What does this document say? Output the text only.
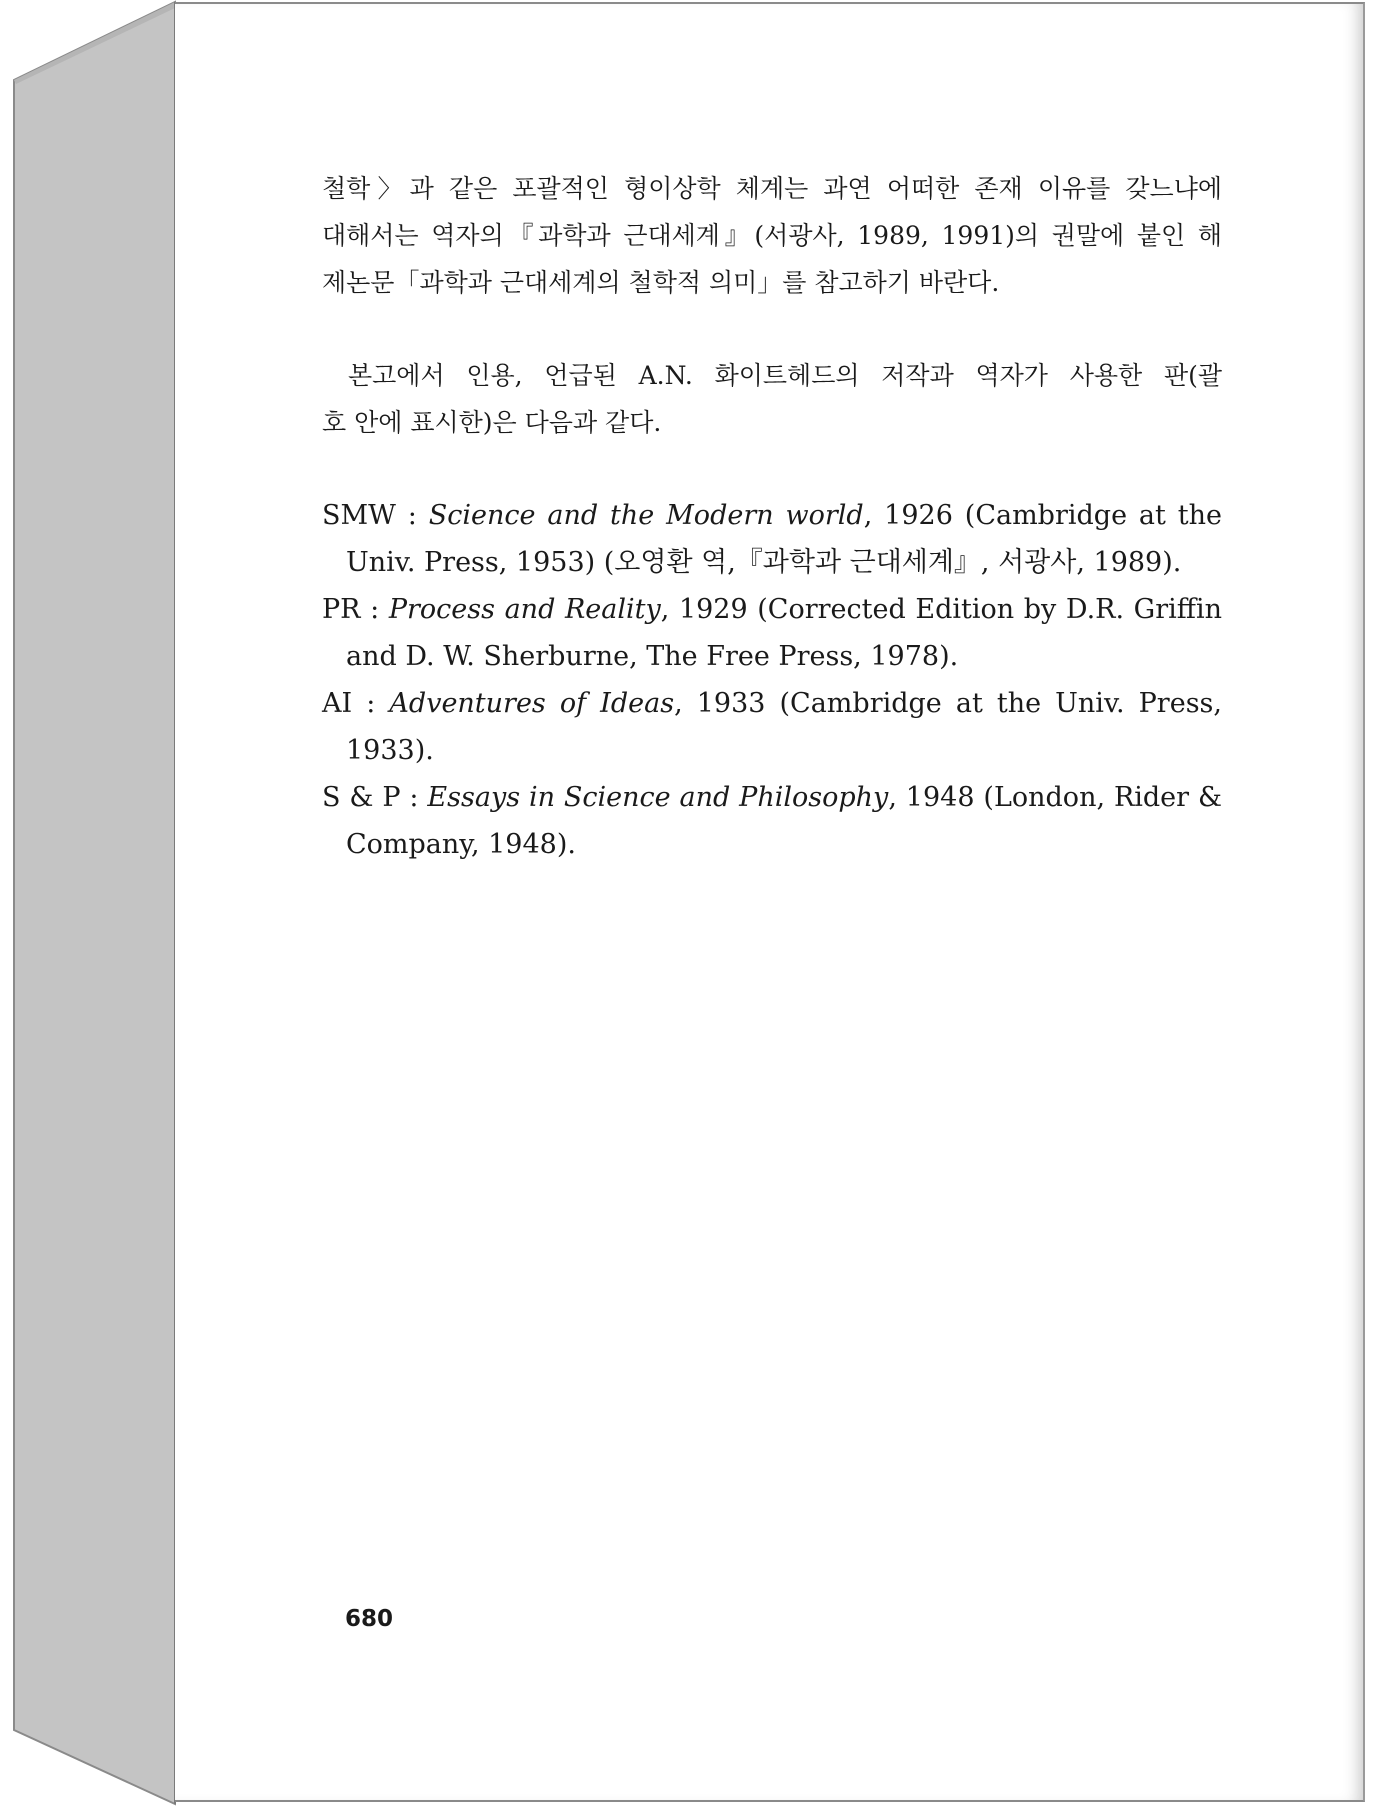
철학〉과 같은 포괄적인 형이상학 체계는 과연 어떠한 존재 이유를 갖느냐에

대해서는 역자의『과학과 근대세계』(서광사, 1989, 1991)의 권말에 붙인 해

제논문「과학과 근대세계의 철학적 의미」를 참고하기 바란다.

본고에서 인용, 언급된 A.N. 화이트헤드의 저작과 역자가 사용한 판(괄

호 안에 표시한)은 다음과 같다.

SMW : Science and the Modern world, 1926 (Cambridge at the Univ. Press, 1953) (오영환 역,『과학과 근대세계』, 서광사, 1989).

PR : Process and Reality, 1929 (Corrected Edition by D.R. Griffin and D. W. Sherburne, The Free Press, 1978).

AI : Adventures of Ideas, 1933 (Cambridge at the Univ. Press, 1933).

S & P : Essays in Science and Philosophy, 1948 (London, Rider & Company, 1948).

680
